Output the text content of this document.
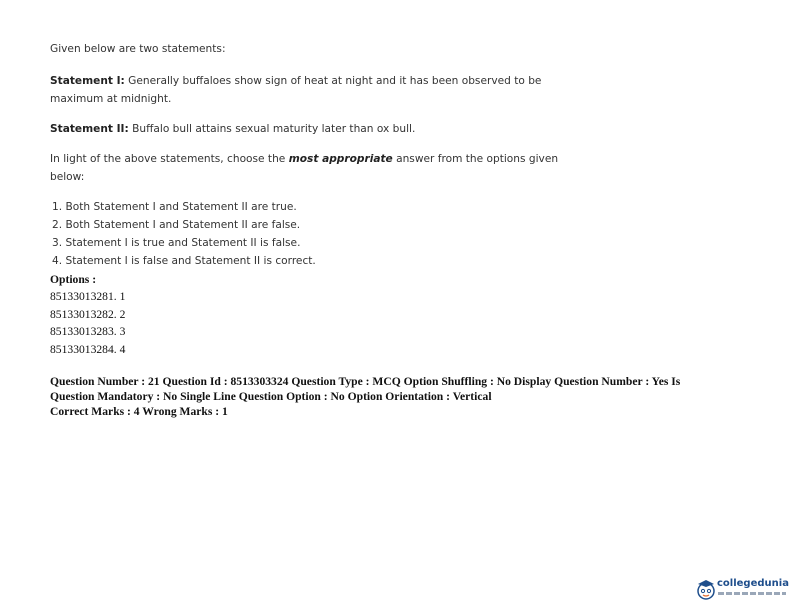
Given below are two statements:

Statement I: Generally buffaloes show sign of heat at night and it has been observed to be maximum at midnight.

Statement II: Buffalo bull attains sexual maturity later than ox bull.

In light of the above statements, choose the most appropriate answer from the options given below:

1. Both Statement I and Statement II are true.
2. Both Statement I and Statement II are false.
3. Statement I is true and Statement II is false.
4. Statement I is false and Statement II is correct.
Options :
85133013281. 1
85133013282. 2
85133013283. 3
85133013284. 4
Question Number : 21 Question Id : 8513303324 Question Type : MCQ Option Shuffling : No Display Question Number : Yes Is
Question Mandatory : No Single Line Question Option : No Option Orientation : Vertical
Correct Marks : 4 Wrong Marks : 1
collegedunia
